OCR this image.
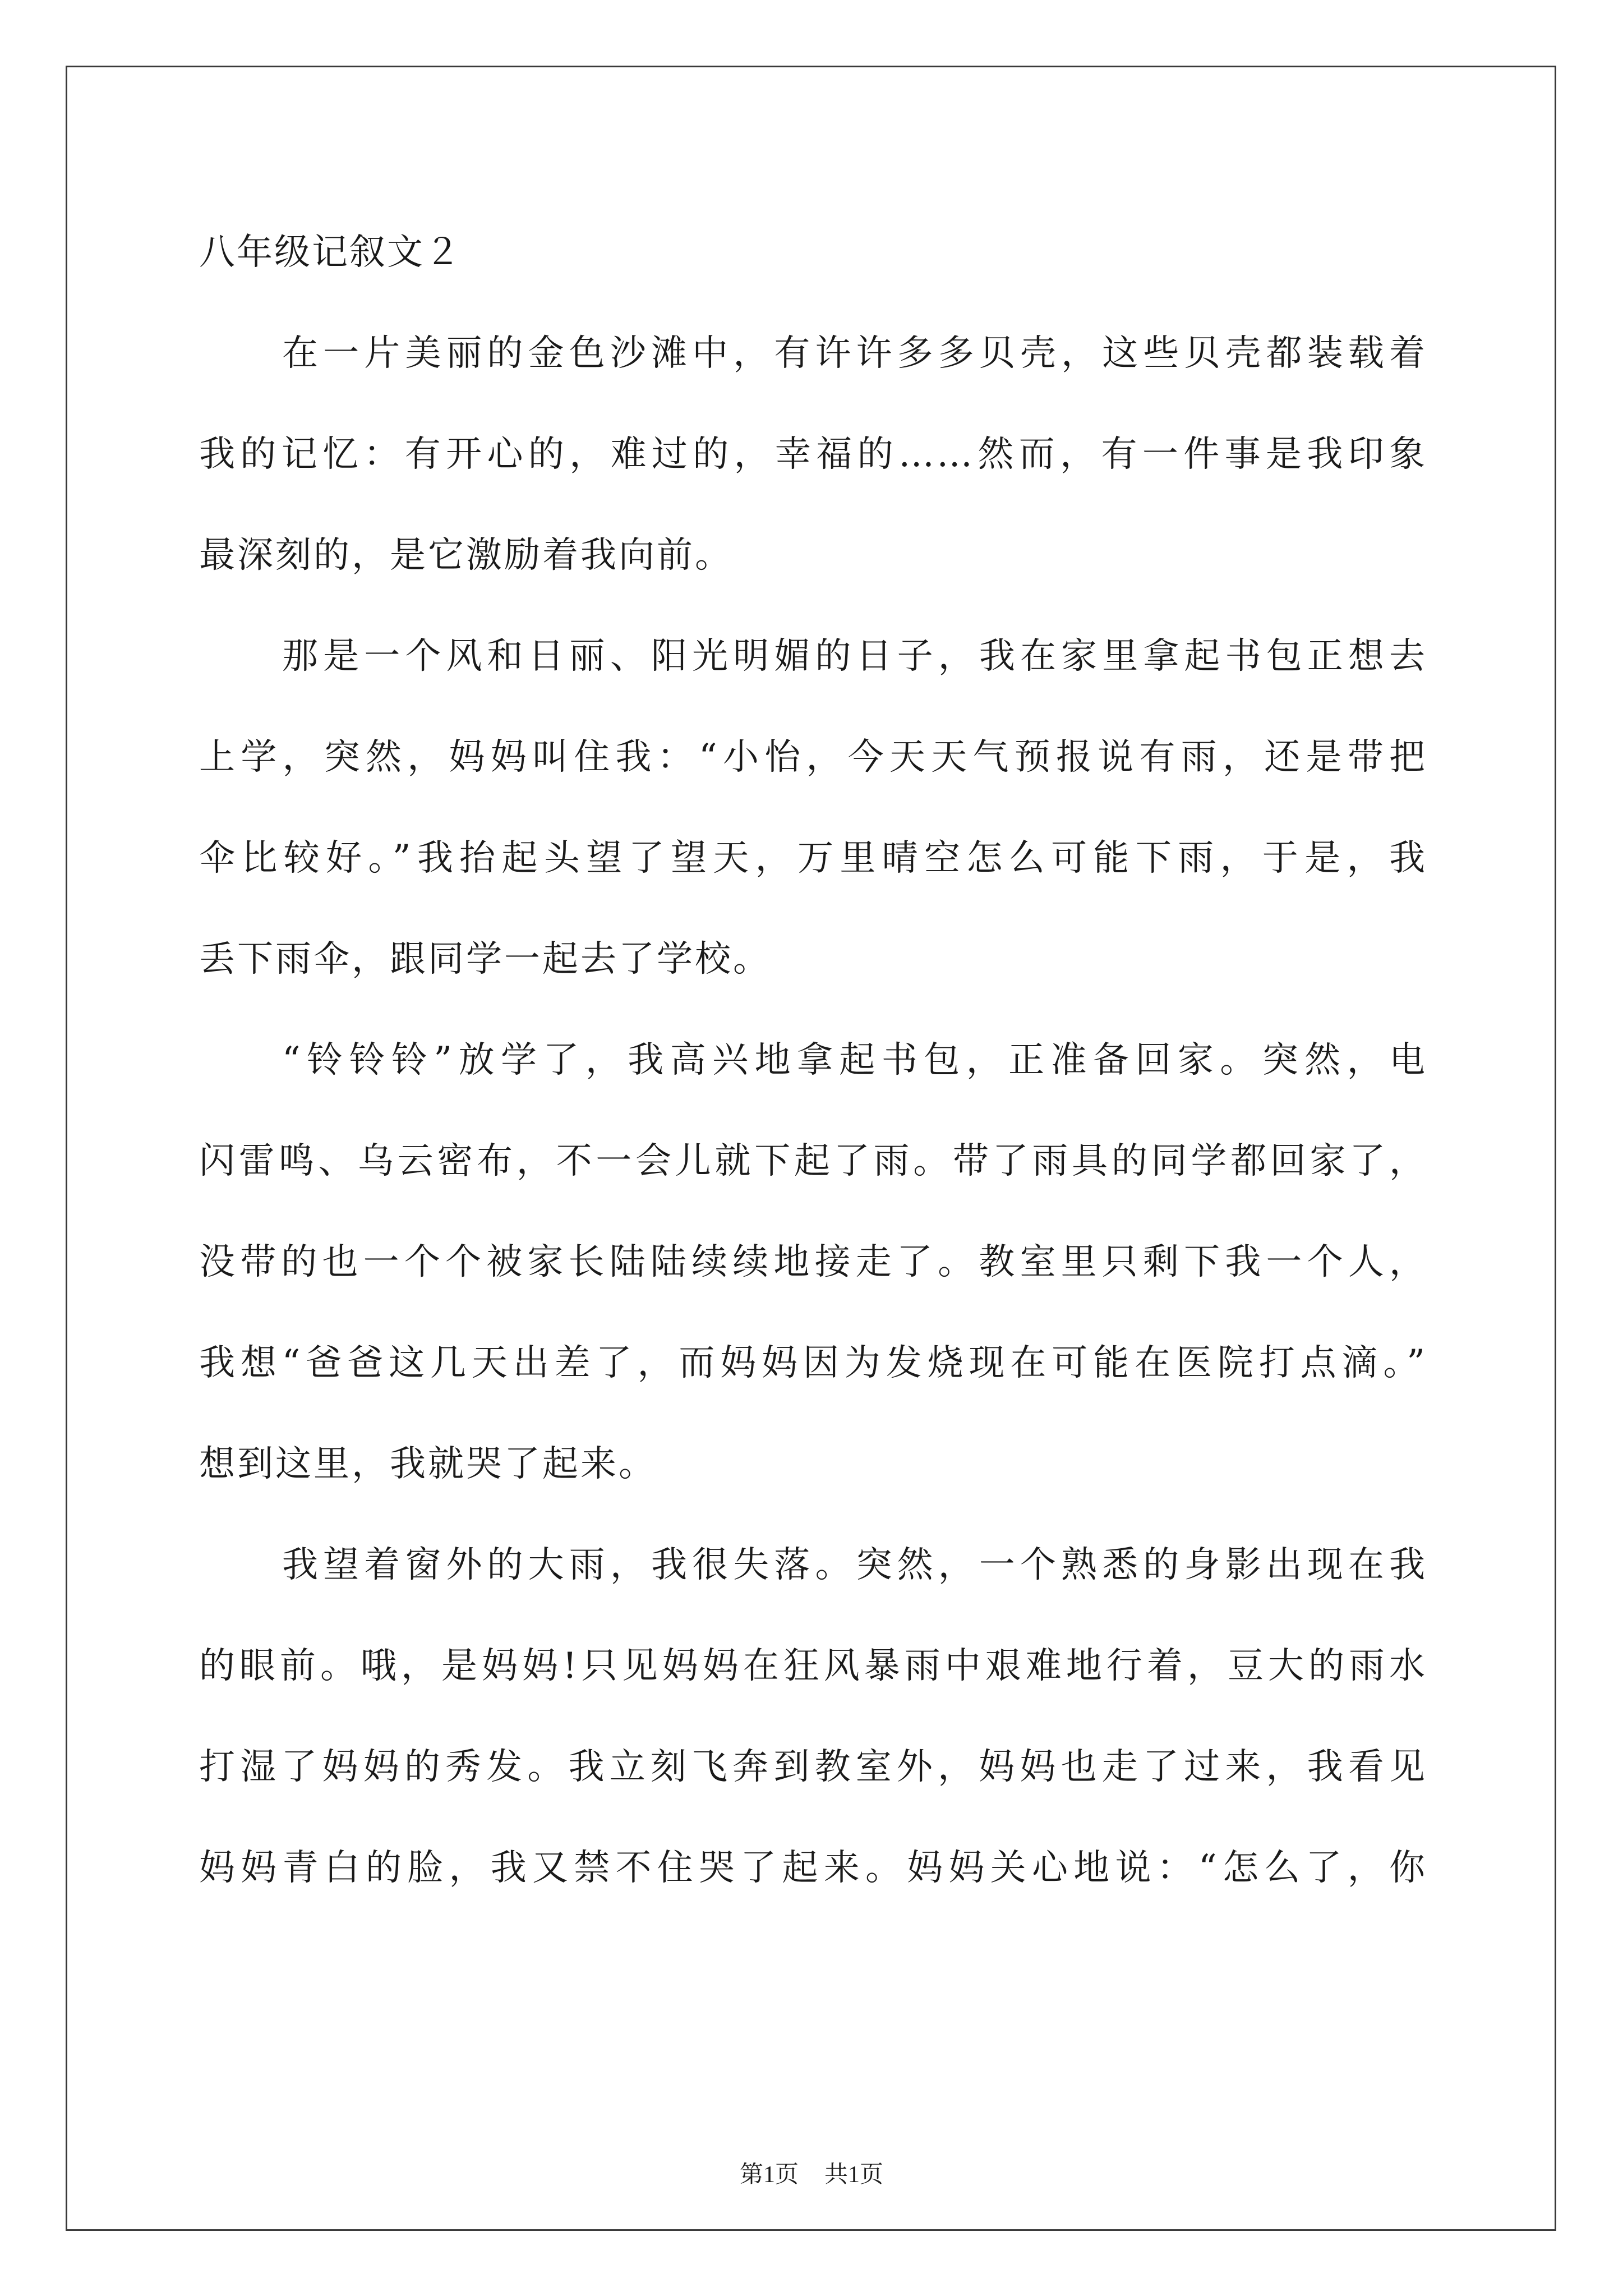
八年级记叙文２
在一片美丽的金色沙滩中，有许许多多贝壳，这些贝壳都装载着
我的记忆：有开心的，难过的，幸福的……然而，有一件事是我印象
最深刻的，是它激励着我向前。
那是一个风和日丽、阳光明媚的日子，我在家里拿起书包正想去
上学，突然，妈妈叫住我：“小怡，今天天气预报说有雨，还是带把
伞比较好。”我抬起头望了望天，万里晴空怎么可能下雨，于是，我
丢下雨伞，跟同学一起去了学校。
“铃铃铃”放学了，我高兴地拿起书包，正准备回家。突然，电
闪雷鸣、乌云密布，不一会儿就下起了雨。带了雨具的同学都回家了，
没带的也一个个被家长陆陆续续地接走了。教室里只剩下我一个人，
我想“爸爸这几天出差了，而妈妈因为发烧现在可能在医院打点滴。”
想到这里，我就哭了起来。
我望着窗外的大雨，我很失落。突然，一个熟悉的身影出现在我
的眼前。哦，是妈妈!只见妈妈在狂风暴雨中艰难地行着，豆大的雨水
打湿了妈妈的秀发。我立刻飞奔到教室外，妈妈也走了过来，我看见
妈妈青白的脸，我又禁不住哭了起来。妈妈关心地说：“怎么了，你
第1页 共1页
